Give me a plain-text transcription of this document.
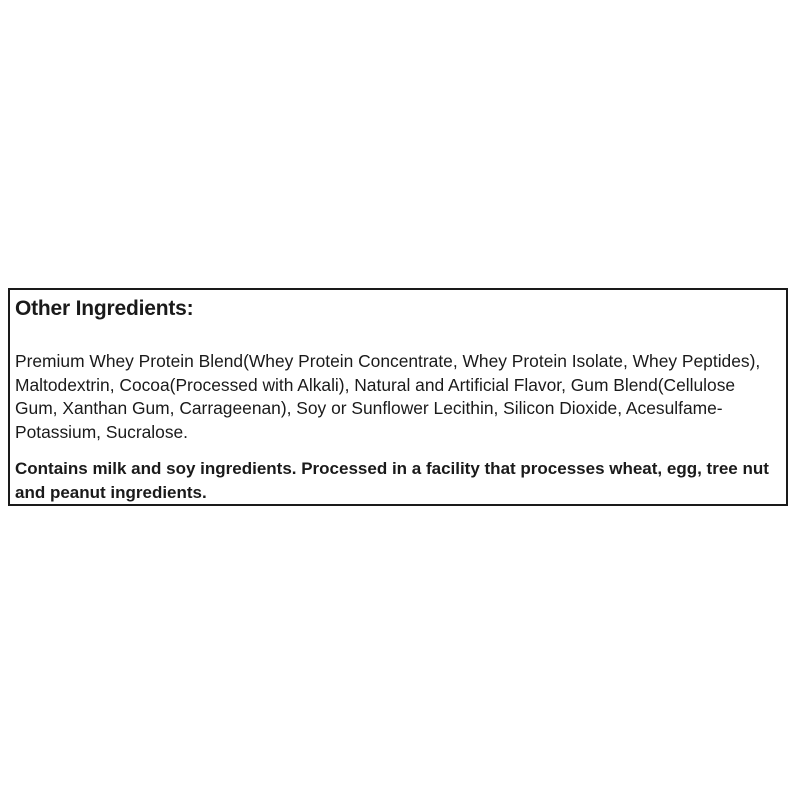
Other Ingredients:

Premium Whey Protein Blend(Whey Protein Concentrate, Whey Protein Isolate, Whey Peptides), Maltodextrin, Cocoa(Processed with Alkali), Natural and Artificial Flavor, Gum Blend(Cellulose Gum, Xanthan Gum, Carrageenan), Soy or Sunflower Lecithin, Silicon Dioxide, Acesulfame-Potassium, Sucralose.

Contains milk and soy ingredients. Processed in a facility that processes wheat, egg, tree nut and peanut ingredients.
